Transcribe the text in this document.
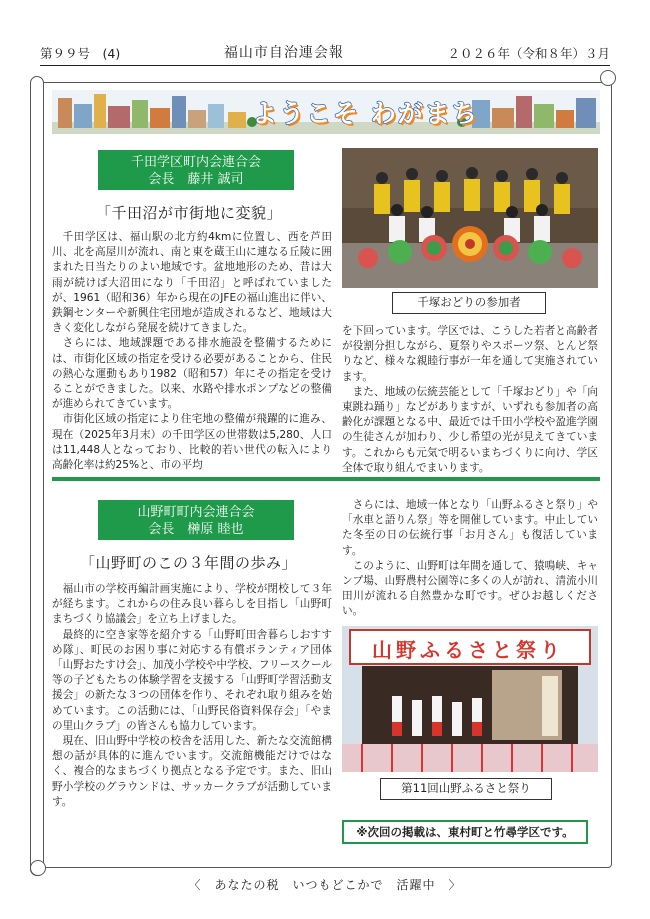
第９９号　(4)	福山市自治連会報	２０２６年（令和８年）３月
ようこそ わがまち
千田学区町内会連合会
会長　藤井 誠司
「千田沼が市街地に変貌」

千田学区は、福山駅の北方約4kmに位置し、西を芦田川、北を高屋川が流れ、南と東を蔵王山に連なる丘陵に囲まれた日当たりのよい地域です。盆地地形のため、昔は大雨が続けば大沼田になり「千田沼」と呼ばれていましたが、1961（昭和36）年から現在のJFEの福山進出に伴い、鉄鋼センターや新興住宅団地が造成されるなど、地域は大きく変化しながら発展を続けてきました。

さらには、地域課題である排水施設を整備するためには、市街化区域の指定を受ける必要があることから、住民の熱心な運動もあり1982（昭和57）年にその指定を受けることができました。以来、水路や排水ポンプなどの整備が進められてきています。

市街化区域の指定により住宅地の整備が飛躍的に進み、現在（2025年3月末）の千田学区の世帯数は5,280、人口は11,448人となっており、比較的若い世代の転入により高齢化率は約25%と、市の平均

千塚おどりの参加者

を下回っています。学区では、こうした若者と高齢者が役割分担しながら、夏祭りやスポーツ祭、とんど祭りなど、様々な親睦行事が一年を通して実施されています。

また、地域の伝統芸能として「千塚おどり」や「向東跳ね踊り」などがありますが、いずれも参加者の高齢化が課題となる中、最近では千田小学校や盈進学園の生徒さんが加わり、少し希望の光が見えてきています。これからも元気で明るいまちづくりに向け、学区全体で取り組んでまいります。

山野町町内会連合会
会長　榊原 睦也
「山野町のこの３年間の歩み」

福山市の学校再編計画実施により、学校が閉校して３年が経ちます。これからの住み良い暮らしを目指し「山野町まちづくり協議会」を立ち上げました。

最終的に空き家等を紹介する「山野町田舎暮らしおすすめ隊」、町民のお困り事に対応する有償ボランティア団体「山野おたすけ会」、加茂小学校や中学校、フリースクール等の子どもたちの体験学習を支援する「山野町学習活動支援会」の新たな３つの団体を作り、それぞれ取り組みを始めています。この活動には、「山野民俗資料保存会」「やまの里山クラブ」の皆さんも協力しています。

現在、旧山野中学校の校舎を活用した、新たな交流館構想の話が具体的に進んでいます。交流館機能だけではなく、複合的なまちづくり拠点となる予定です。また、旧山野小学校のグラウンドは、サッカークラブが活動しています。

さらには、地域一体となり「山野ふるさと祭り」や「水車と語りん祭」等を開催しています。中止していた冬至の日の伝統行事「お月さん」も復活しています。

このように、山野町は年間を通して、猿鳴峡、キャンプ場、山野農村公園等に多くの人が訪れ、清流小川田川が流れる自然豊かな町です。ぜひお越しください。

山野ふるさと祭り
第11回山野ふるさと祭り
※次回の掲載は、東村町と竹尋学区です。
〈　あなたの税　いつもどこかで　活躍中　〉
